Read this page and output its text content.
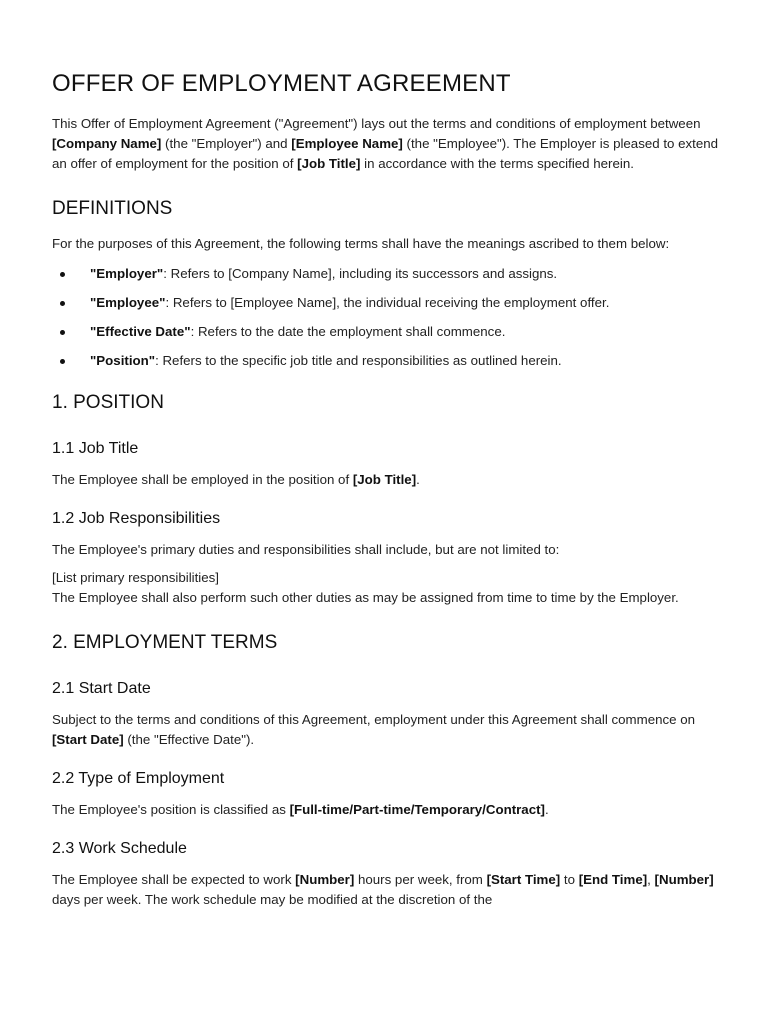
OFFER OF EMPLOYMENT AGREEMENT

This Offer of Employment Agreement ("Agreement") lays out the terms and conditions of employment between [Company Name] (the "Employer") and [Employee Name] (the "Employee"). The Employer is pleased to extend an offer of employment for the position of [Job Title] in accordance with the terms specified herein.

DEFINITIONS

For the purposes of this Agreement, the following terms shall have the meanings ascribed to them below:

"Employer": Refers to [Company Name], including its successors and assigns.
"Employee": Refers to [Employee Name], the individual receiving the employment offer.
"Effective Date": Refers to the date the employment shall commence.
"Position": Refers to the specific job title and responsibilities as outlined herein.
1. POSITION
1.1 Job Title

The Employee shall be employed in the position of [Job Title].

1.2 Job Responsibilities

The Employee's primary duties and responsibilities shall include, but are not limited to:

[List primary responsibilities]

The Employee shall also perform such other duties as may be assigned from time to time by the Employer.

2. EMPLOYMENT TERMS
2.1 Start Date

Subject to the terms and conditions of this Agreement, employment under this Agreement shall commence on [Start Date] (the "Effective Date").

2.2 Type of Employment

The Employee's position is classified as [Full-time/Part-time/Temporary/Contract].

2.3 Work Schedule

The Employee shall be expected to work [Number] hours per week, from [Start Time] to [End Time], [Number] days per week. The work schedule may be modified at the discretion of the
